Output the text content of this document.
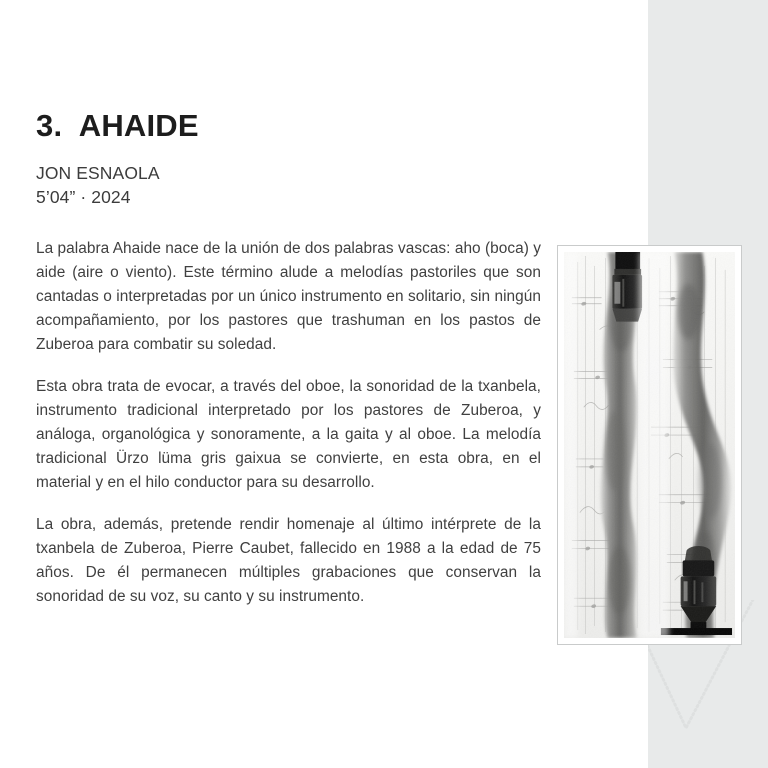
3.  AHAIDE

JON ESNAOLA

5’04” · 2024

La palabra Ahaide nace de la unión de dos palabras vascas: aho (boca) y aide (aire o viento). Este término alude a melodías pastoriles que son cantadas o interpretadas por un único instrumento en solitario, sin ningún acompañamiento, por los pastores que trashuman en los pastos de Zuberoa para combatir su soledad.

Esta obra trata de evocar, a través del oboe, la sonoridad de la txanbela, instrumento tradicional interpretado por los pastores de Zuberoa, y análoga, organológica y sonoramente, a la gaita y al oboe. La melodía tradicional Ürzo lüma gris gaixua se convierte, en esta obra, en el material y en el hilo conductor para su desarrollo.

La obra, además, pretende rendir homenaje al último intérprete de la txanbela de Zuberoa, Pierre Caubet, fallecido en 1988 a la edad de 75 años. De él permanecen múltiples grabaciones que conservan la sonoridad de su voz, su canto y su instrumento.
